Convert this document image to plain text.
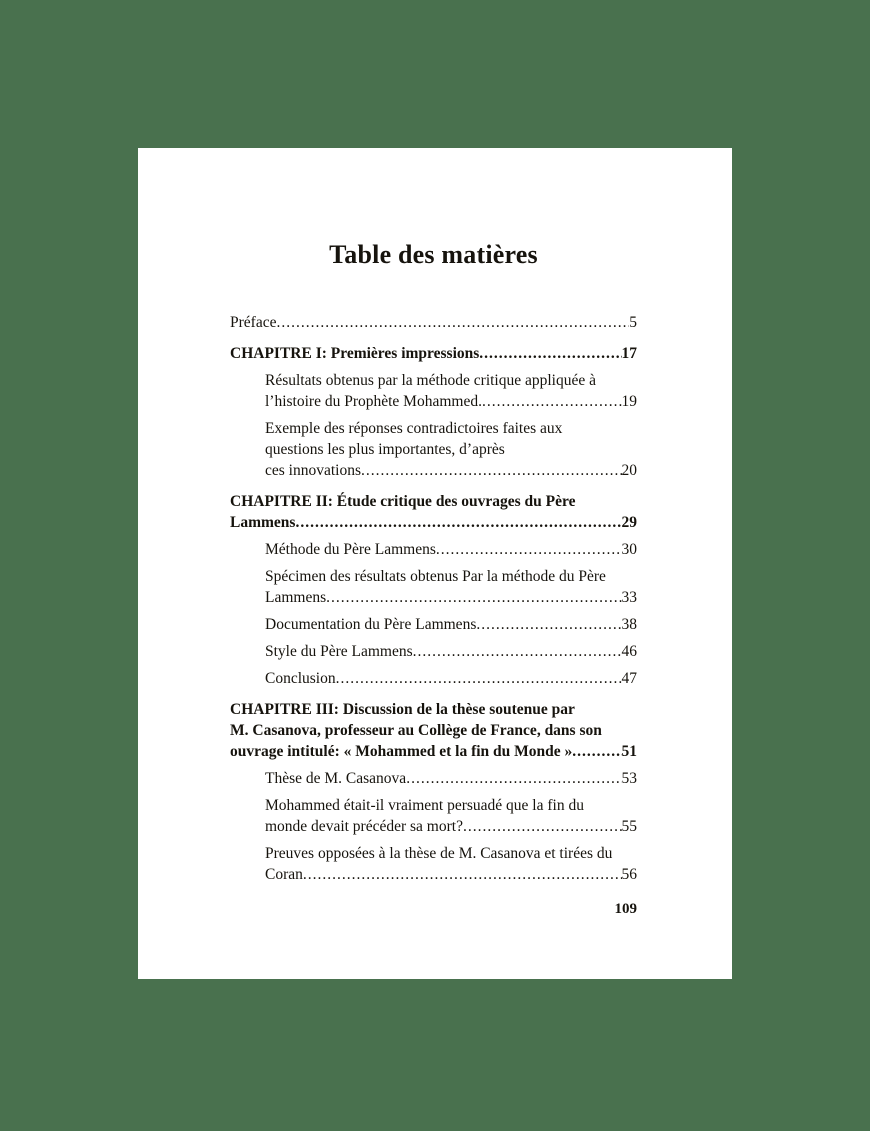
Table des matières
Préface .....	5
CHAPITRE I: Premières impressions .....	17
Résultats obtenus par la méthode critique appliquée à
l’histoire du Prophète Mohammed. .....	19
Exemple des réponses contradictoires faites aux
questions les plus importantes, d’après
ces innovations .....	20
CHAPITRE II: Étude critique des ouvrages du Père
Lammens .....	29
Méthode du Père Lammens .....	30
Spécimen des résultats obtenus Par la méthode du Père
Lammens .....	33
Documentation du Père Lammens .....	38
Style du Père Lammens .....	46
Conclusion .....	47
CHAPITRE III: Discussion de la thèse soutenue par
M. Casanova, professeur au Collège de France, dans son
ouvrage intitulé: « Mohammed et la fin du Monde » .....	51
Thèse de M. Casanova .....	53
Mohammed était-il vraiment persuadé que la fin du
monde devait précéder sa mort? .....	55
Preuves opposées à la thèse de M. Casanova et tirées du
Coran .....	56
109
